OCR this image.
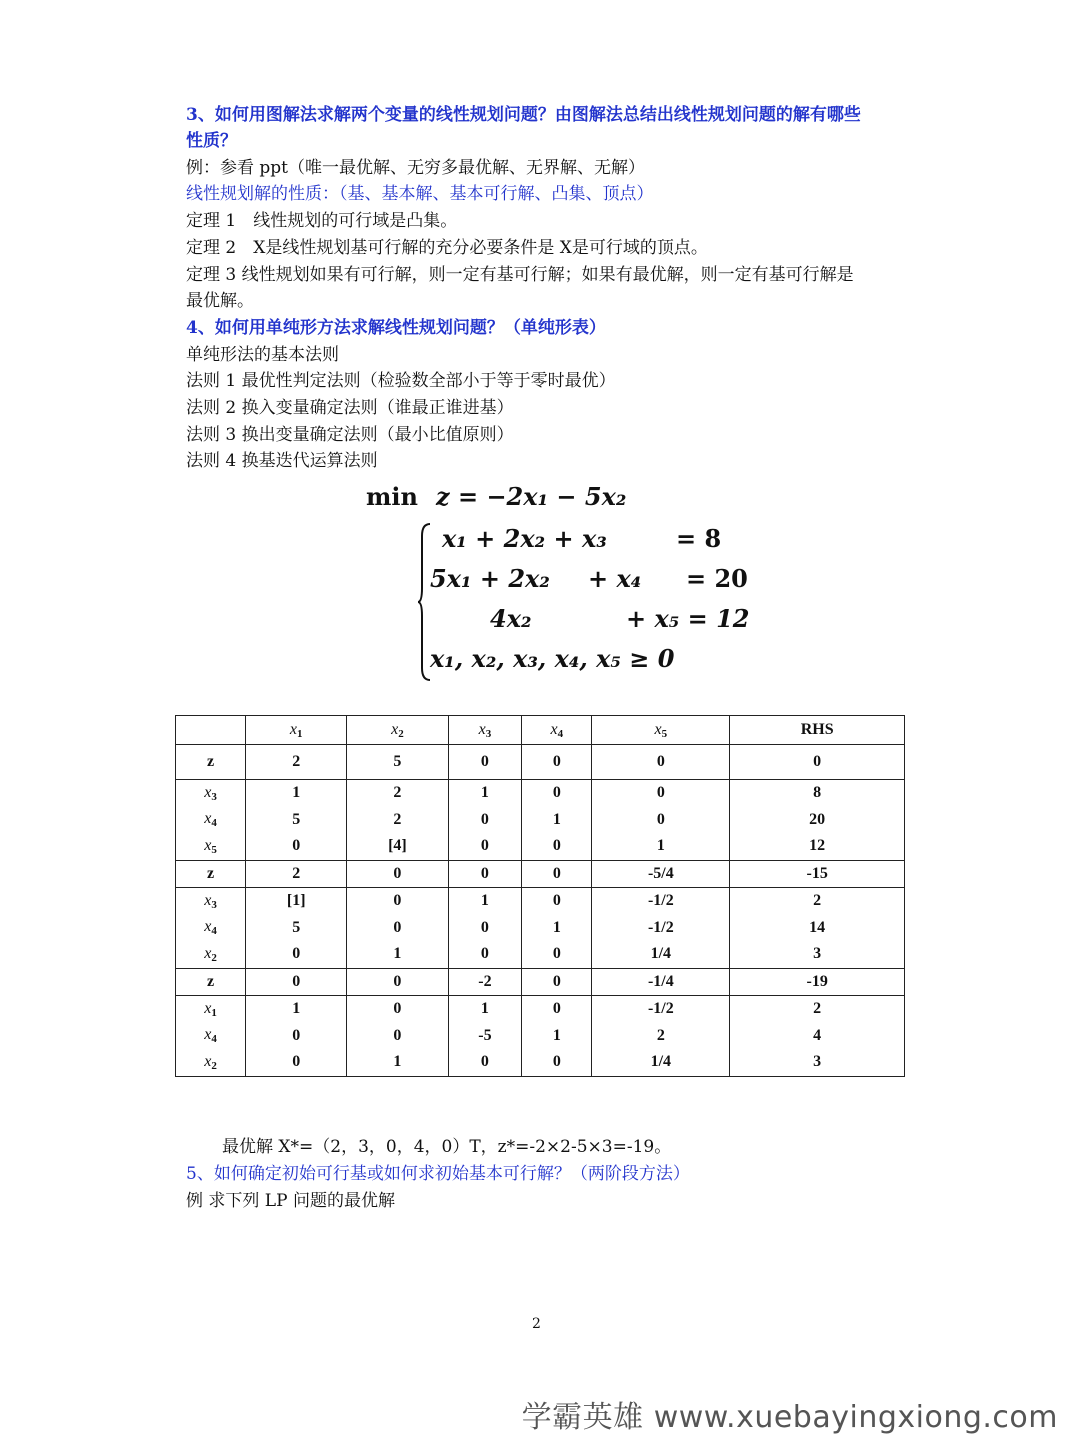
3、如何用图解法求解两个变量的线性规划问题？由图解法总结出线性规划问题的解有哪些
性质？
例：参看 ppt（唯一最优解、无穷多最优解、无界解、无解）
线性规划解的性质：（基、基本解、基本可行解、凸集、顶点）
定理 1　线性规划的可行域是凸集。
定理 2　X是线性规划基可行解的充分必要条件是 X是可行域的顶点。
定理 3 线性规划如果有可行解，则一定有基可行解；如果有最优解，则一定有基可行解是
最优解。
4、如何用单纯形方法求解线性规划问题？（单纯形表）
单纯形法的基本法则
法则 1 最优性判定法则（检验数全部小于等于零时最优）
法则 2 换入变量确定法则（谁最正谁进基）
法则 3 换出变量确定法则（最小比值原则）
法则 4 换基迭代运算法则
min z = −2x₁ − 5x₂
x₁ + 2x₂ + x₃	= 8
5x₁ + 2x₂ + x₄ = 20
4x₂	+ x₅ = 12
x₁, x₂, x₃, x₄, x₅ ≥ 0
	$x_1$	$x_2$	$x_3$	$x_4$	$x_5$	RHS
z	2	5	0	0	0	0
$x_3$	1	2	1	0	0	8
$x_4$	5	2	0	1	0	20
$x_5$	0	[4]	0	0	1	12
z	2	0	0	0	-5/4	-15
$x_3$	[1]	0	1	0	-1/2	2
$x_4$	5	0	0	1	-1/2	14
$x_2$	0	1	0	0	1/4	3
z	0	0	-2	0	-1/4	-19
$x_1$	1	0	1	0	-1/2	2
$x_4$	0	0	-5	1	2	4
$x_2$	0	1	0	0	1/4	3
最优解 X*=（2，3，0，4，0）T，z*=-2×2-5×3=-19。
5、如何确定初始可行基或如何求初始基本可行解？（两阶段方法）
例 求下列 LP 问题的最优解
2
学霸英雄 www.xuebayingxiong.com
